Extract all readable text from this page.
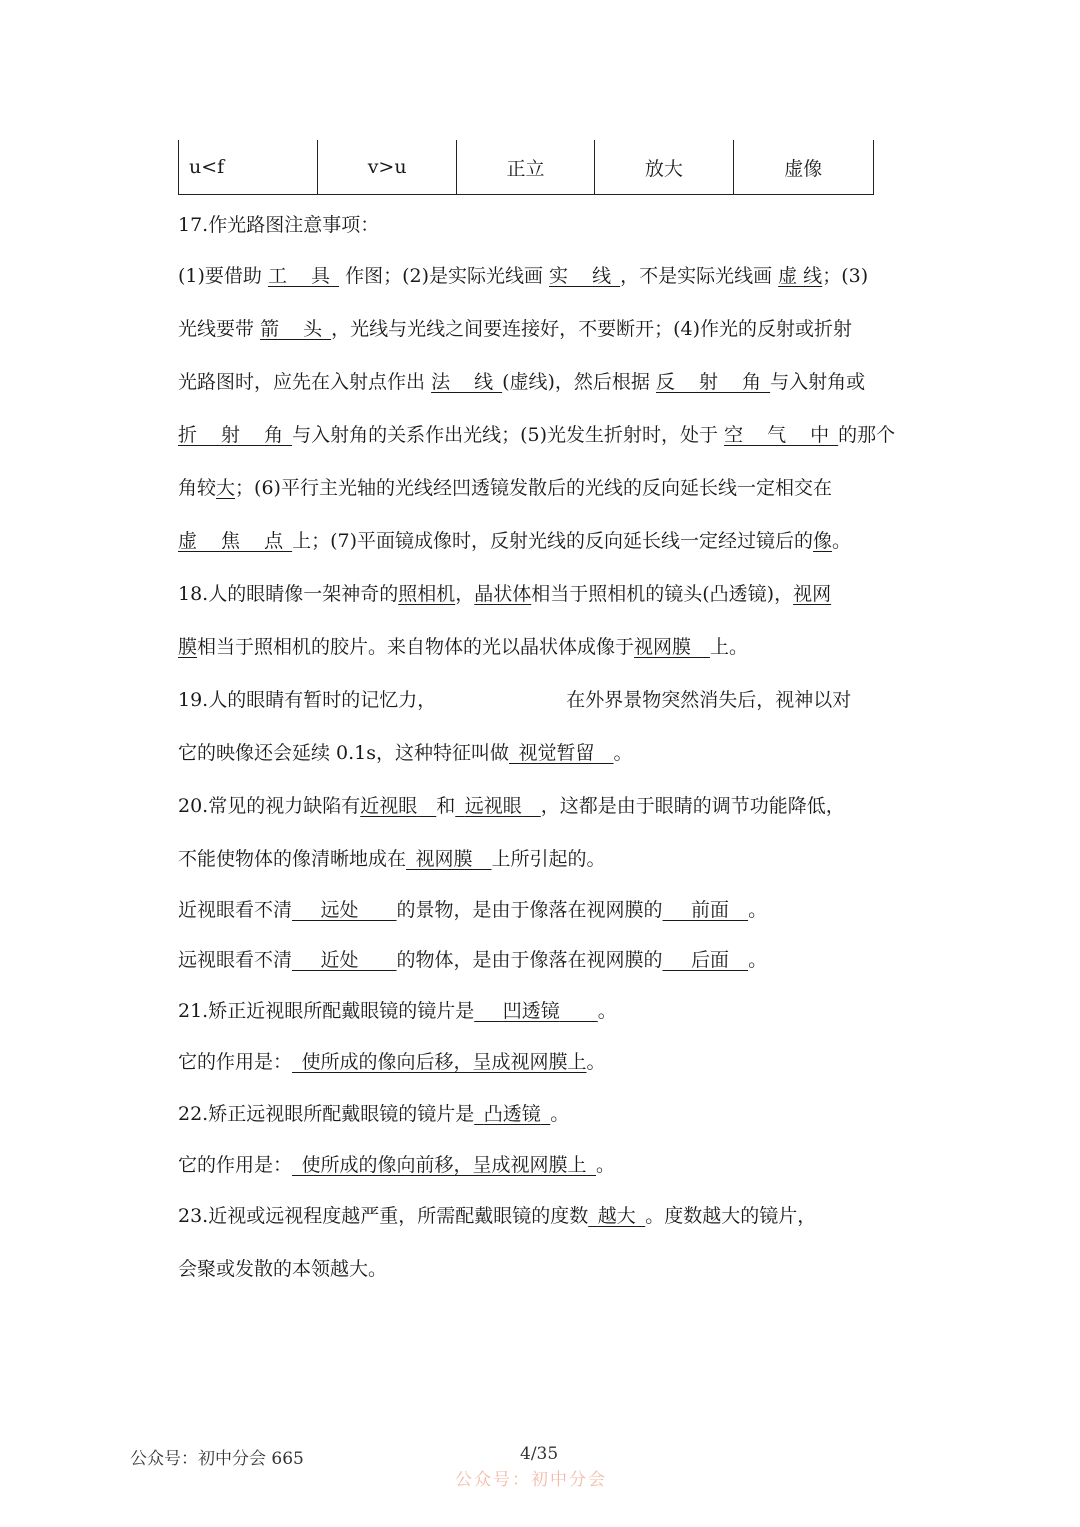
u<f	v>u	正立	放大	虚像
17.作光路图注意事项：
(1)要借助 工 具 作图；(2)是实际光线画 实 线，不是实际光线画 虚 线；(3)
光线要带 箭 头，光线与光线之间要连接好，不要断开；(4)作光的反射或折射
光路图时，应先在入射点作出 法 线(虚线)，然后根据 反 射 角与入射角或
折 射 角与入射角的关系作出光线；(5)光发生折射时，处于 空 气 中的那个
角较大；(6)平行主光轴的光线经凹透镜发散后的光线的反向延长线一定相交在
虚 焦 点上；(7)平面镜成像时，反射光线的反向延长线一定经过镜后的像。
18.人的眼睛像一架神奇的照相机，晶状体相当于照相机的镜头(凸透镜)，视网
膜相当于照相机的胶片。来自物体的光以晶状体成像于视网膜  上。
19.人的眼睛有暂时的记忆力，	在外界景物突然消失后，视神以对
它的映像还会延续 0.1s，这种特征叫做  视觉暂留  。
20.常见的视力缺陷有近视眼  和  远视眼  ，这都是由于眼睛的调节功能降低，
不能使物体的像清晰地成在  视网膜  上所引起的。
近视眼看不清   远处   的景物，是由于像落在视网膜的   前面  。
远视眼看不清   近处   的物体，是由于像落在视网膜的   后面  。
21.矫正近视眼所配戴眼镜的镜片是   凹透镜   。
它的作用是：  使所成的像向后移，呈成视网膜上。
22.矫正远视眼所配戴眼镜的镜片是  凸透镜  。
它的作用是：  使所成的像向前移，呈成视网膜上  。
23.近视或远视程度越严重，所需配戴眼镜的度数  越大  。度数越大的镜片，
会聚或发散的本领越大。
公众号：初中分会 665	4/35
公众号：初中分会
